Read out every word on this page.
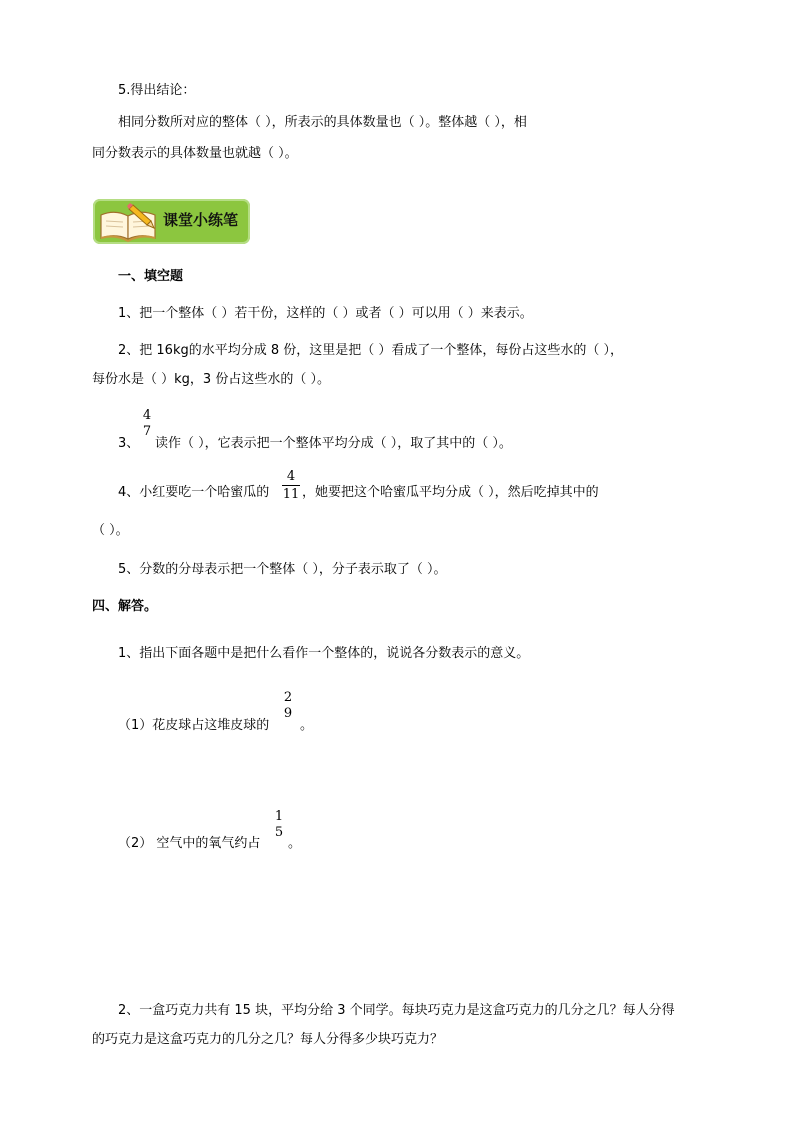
5.得出结论：
相同分数所对应的整体（ ），所表示的具体数量也（ ）。整体越（ ），相
同分数表示的具体数量也就越（ ）。
课堂小练笔
一、填空题
1、把一个整体（ ）若干份，这样的（ ）或者（ ）可以用（ ）来表示。
2、把 16kg的水平均分成 8 份，这里是把（ ）看成了一个整体，每份占这些水的（ ），
每份水是（ ）kg，3 份占这些水的（ ）。
3、
4
7
读作（ ），它表示把一个整体平均分成（ ），取了其中的（ ）。
4、小红要吃一个哈蜜瓜的
4
11 ，她要把这个哈蜜瓜平均分成（ ），然后吃掉其中的
（ ）。
5、分数的分母表示把一个整体（ ），分子表示取了（ ）。
四、解答。
1、指出下面各题中是把什么看作一个整体的，说说各分数表示的意义。
（1）花皮球占这堆皮球的
2
9
。
（2） 空气中的氧气约占
1
5
。
2、一盒巧克力共有 15 块，平均分给 3 个同学。每块巧克力是这盒巧克力的几分之几？每人分得
的巧克力是这盒巧克力的几分之几？每人分得多少块巧克力？
